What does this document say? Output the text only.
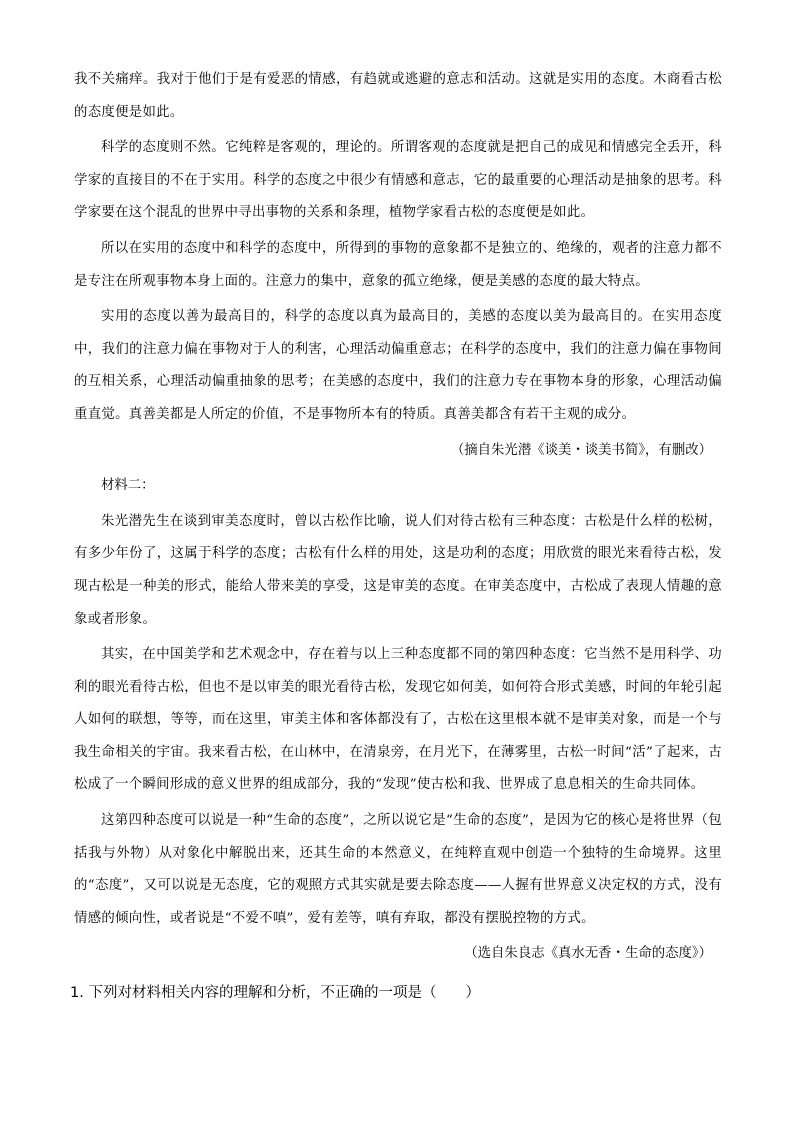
我不关痛痒。我对于他们于是有爱恶的情感，有趋就或逃避的意志和活动。这就是实用的态度。木商看古松的态度便是如此。

科学的态度则不然。它纯粹是客观的，理论的。所谓客观的态度就是把自己的成见和情感完全丢开，科学家的直接目的不在于实用。科学的态度之中很少有情感和意志，它的最重要的心理活动是抽象的思考。科学家要在这个混乱的世界中寻出事物的关系和条理，植物学家看古松的态度便是如此。

所以在实用的态度中和科学的态度中，所得到的事物的意象都不是独立的、绝缘的，观者的注意力都不是专注在所观事物本身上面的。注意力的集中，意象的孤立绝缘，便是美感的态度的最大特点。

实用的态度以善为最高目的，科学的态度以真为最高目的，美感的态度以美为最高目的。在实用态度中，我们的注意力偏在事物对于人的利害，心理活动偏重意志；在科学的态度中，我们的注意力偏在事物间的互相关系，心理活动偏重抽象的思考；在美感的态度中，我们的注意力专在事物本身的形象，心理活动偏重直觉。真善美都是人所定的价值，不是事物所本有的特质。真善美都含有若干主观的成分。

（摘自朱光潜《谈美・谈美书简》，有删改）

材料二：

朱光潜先生在谈到审美态度时，曾以古松作比喻，说人们对待古松有三种态度：古松是什么样的松树，有多少年份了，这属于科学的态度；古松有什么样的用处，这是功利的态度；用欣赏的眼光来看待古松，发现古松是一种美的形式，能给人带来美的享受，这是审美的态度。在审美态度中，古松成了表现人情趣的意象或者形象。

其实，在中国美学和艺术观念中，存在着与以上三种态度都不同的第四种态度：它当然不是用科学、功利的眼光看待古松，但也不是以审美的眼光看待古松，发现它如何美，如何符合形式美感，时间的年轮引起人如何的联想，等等，而在这里，审美主体和客体都没有了，古松在这里根本就不是审美对象，而是一个与我生命相关的宇宙。我来看古松，在山林中，在清泉旁，在月光下，在薄雾里，古松一时间“活”了起来，古松成了一个瞬间形成的意义世界的组成部分，我的“发现”使古松和我、世界成了息息相关的生命共同体。

这第四种态度可以说是一种“生命的态度”，之所以说它是“生命的态度”，是因为它的核心是将世界（包括我与外物）从对象化中解脱出来，还其生命的本然意义，在纯粹直观中创造一个独特的生命境界。这里的“态度”，又可以说是无态度，它的观照方式其实就是要去除态度——人握有世界意义决定权的方式，没有情感的倾向性，或者说是“不爱不嗔”，爱有差等，嗔有弃取，都没有摆脱控物的方式。

（选自朱良志《真水无香・生命的态度》）

1. 下列对材料相关内容的理解和分析，不正确的一项是（　　）
